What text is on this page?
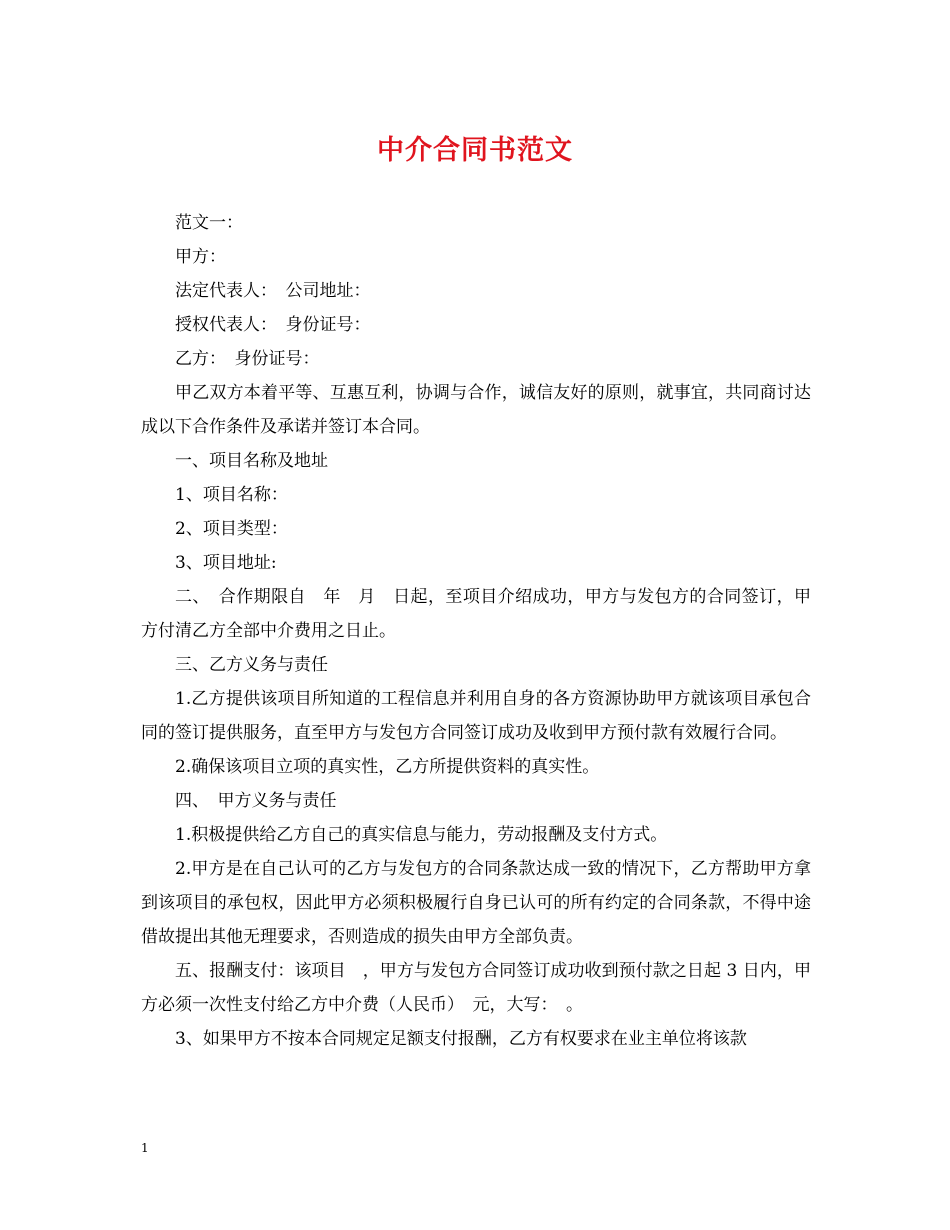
中介合同书范文

范文一：

甲方：

法定代表人：　公司地址：

授权代表人：　身份证号：

乙方：　身份证号：

甲乙双方本着平等、互惠互利，协调与合作，诚信友好的原则，就事宜，共同商讨达成以下合作条件及承诺并签订本合同。

一、项目名称及地址

1、项目名称：

2、项目类型：

3、项目地址:

二、　合作期限自　年　月　日起，至项目介绍成功，甲方与发包方的合同签订，甲方付清乙方全部中介费用之日止。

三、乙方义务与责任

1.乙方提供该项目所知道的工程信息并利用自身的各方资源协助甲方就该项目承包合同的签订提供服务，直至甲方与发包方合同签订成功及收到甲方预付款有效履行合同。

2.确保该项目立项的真实性，乙方所提供资料的真实性。

四、　甲方义务与责任

1.积极提供给乙方自己的真实信息与能力，劳动报酬及支付方式。

2.甲方是在自己认可的乙方与发包方的合同条款达成一致的情况下，乙方帮助甲方拿到该项目的承包权，因此甲方必须积极履行自身已认可的所有约定的合同条款，不得中途借故提出其他无理要求，否则造成的损失由甲方全部负责。

五、报酬支付：该项目　，甲方与发包方合同签订成功收到预付款之日起 3 日内，甲方必须一次性支付给乙方中介费（人民币）　元，大写：　。

3、如果甲方不按本合同规定足额支付报酬，乙方有权要求在业主单位将该款

1
